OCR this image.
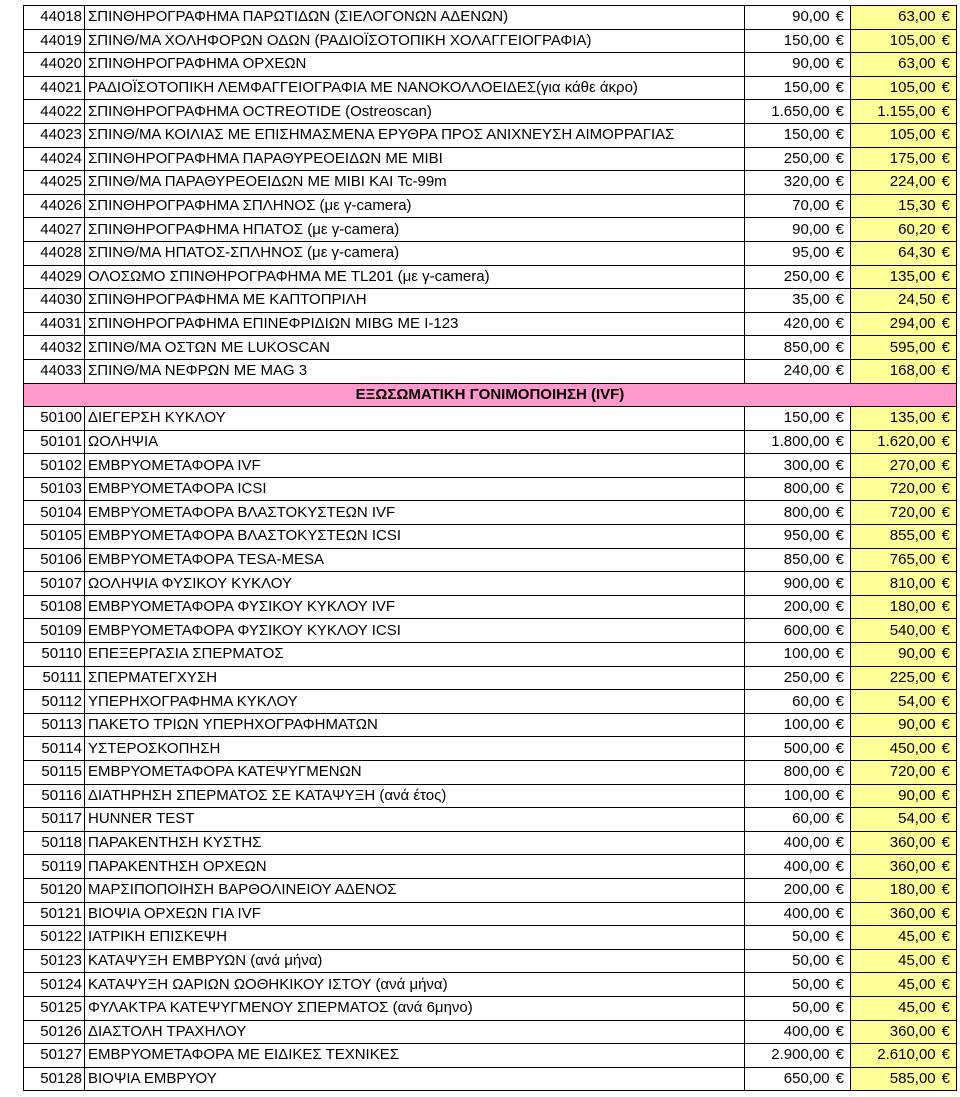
44018	ΣΠΙΝΘΗΡΟΓΡΑΦΗΜΑ ΠΑΡΩΤΙΔΩΝ (ΣΙΕΛΟΓΟΝΩΝ ΑΔΕΝΩΝ)	90,00 €	63,00 €
44019	ΣΠΙΝΘ/ΜΑ ΧΟΛΗΦΟΡΩΝ ΟΔΩΝ (ΡΑΔΙΟΪΣΟΤΟΠΙΚΗ ΧΟΛΑΓΓΕΙΟΓΡΑΦΙΑ)	150,00 €	105,00 €
44020	ΣΠΙΝΘΗΡΟΓΡΑΦΗΜΑ ΟΡΧΕΩΝ	90,00 €	63,00 €
44021	ΡΑΔΙΟΪΣΟΤΟΠΙΚΗ ΛΕΜΦΑΓΓΕΙΟΓΡΑΦΙΑ ΜΕ ΝΑΝΟΚΟΛΛΟΕΙΔΕΣ(για κάθε άκρο)	150,00 €	105,00 €
44022	ΣΠΙΝΘΗΡΟΓΡΑΦΗΜΑ OCTREOTIDE (Ostreoscan)	1.650,00 €	1.155,00 €
44023	ΣΠΙΝΘ/ΜΑ ΚΟΙΛΙΑΣ ΜΕ ΕΠΙΣΗΜΑΣΜΕΝΑ ΕΡΥΘΡΑ ΠΡΟΣ ΑΝΙΧΝΕΥΣΗ ΑΙΜΟΡΡΑΓΙΑΣ	150,00 €	105,00 €
44024	ΣΠΙΝΘΗΡΟΓΡΑΦΗΜΑ ΠΑΡΑΘΥΡΕΟΕΙΔΩΝ ΜΕ ΜΙΒΙ	250,00 €	175,00 €
44025	ΣΠΙΝΘ/ΜΑ ΠΑΡΑΘΥΡΕΟΕΙΔΩΝ ΜΕ ΜΙΒΙ ΚΑΙ Tc-99m	320,00 €	224,00 €
44026	ΣΠΙΝΘΗΡΟΓΡΑΦΗΜΑ ΣΠΛΗΝΟΣ (με γ-camera)	70,00 €	15,30 €
44027	ΣΠΙΝΘΗΡΟΓΡΑΦΗΜΑ ΗΠΑΤΟΣ (με γ-camera)	90,00 €	60,20 €
44028	ΣΠΙΝΘ/ΜΑ ΗΠΑΤΟΣ-ΣΠΛΗΝΟΣ (με γ-camera)	95,00 €	64,30 €
44029	ΟΛΟΣΩΜΟ ΣΠΙΝΘΗΡΟΓΡΑΦΗΜΑ ΜΕ TL201 (με γ-camera)	250,00 €	135,00 €
44030	ΣΠΙΝΘΗΡΟΓΡΑΦΗΜΑ ΜΕ ΚΑΠΤΟΠΡΙΛΗ	35,00 €	24,50 €
44031	ΣΠΙΝΘΗΡΟΓΡΑΦΗΜΑ ΕΠΙΝΕΦΡΙΔΙΩΝ MIBG ΜΕ I-123	420,00 €	294,00 €
44032	ΣΠΙΝΘ/ΜΑ ΟΣΤΩΝ ΜΕ LUKOSCAN	850,00 €	595,00 €
44033	ΣΠΙΝΘ/ΜΑ ΝΕΦΡΩΝ ΜΕ MAG 3	240,00 €	168,00 €
ΕΞΩΣΩΜΑΤΙΚΗ ΓΟΝΙΜΟΠΟΙΗΣΗ (IVF)			
50100	ΔΙΕΓΕΡΣΗ ΚΥΚΛΟΥ	150,00 €	135,00 €
50101	ΩΟΛΗΨΙΑ	1.800,00 €	1.620,00 €
50102	ΕΜΒΡΥΟΜΕΤΑΦΟΡΑ IVF	300,00 €	270,00 €
50103	ΕΜΒΡΥΟΜΕΤΑΦΟΡΑ ICSI	800,00 €	720,00 €
50104	ΕΜΒΡΥΟΜΕΤΑΦΟΡΑ ΒΛΑΣΤΟΚΥΣΤΕΩΝ IVF	800,00 €	720,00 €
50105	ΕΜΒΡΥΟΜΕΤΑΦΟΡΑ ΒΛΑΣΤΟΚΥΣΤΕΩΝ ICSI	950,00 €	855,00 €
50106	ΕΜΒΡΥΟΜΕΤΑΦΟΡΑ TESA-MESA	850,00 €	765,00 €
50107	ΩΟΛΗΨΙΑ ΦΥΣΙΚΟΥ ΚΥΚΛΟΥ	900,00 €	810,00 €
50108	ΕΜΒΡΥΟΜΕΤΑΦΟΡΑ ΦΥΣΙΚΟΥ ΚΥΚΛΟΥ IVF	200,00 €	180,00 €
50109	ΕΜΒΡΥΟΜΕΤΑΦΟΡΑ ΦΥΣΙΚΟΥ ΚΥΚΛΟΥ ICSI	600,00 €	540,00 €
50110	ΕΠΕΞΕΡΓΑΣΙΑ ΣΠΕΡΜΑΤΟΣ	100,00 €	90,00 €
50111	ΣΠΕΡΜΑΤΕΓΧΥΣΗ	250,00 €	225,00 €
50112	ΥΠΕΡΗΧΟΓΡΑΦΗΜΑ ΚΥΚΛΟΥ	60,00 €	54,00 €
50113	ΠΑΚΕΤΟ ΤΡΙΩΝ ΥΠΕΡΗΧΟΓΡΑΦΗΜΑΤΩΝ	100,00 €	90,00 €
50114	ΥΣΤΕΡΟΣΚΟΠΗΣΗ	500,00 €	450,00 €
50115	ΕΜΒΡΥΟΜΕΤΑΦΟΡΑ ΚΑΤΕΨΥΓΜΕΝΩΝ	800,00 €	720,00 €
50116	ΔΙΑΤΗΡΗΣΗ ΣΠΕΡΜΑΤΟΣ ΣΕ ΚΑΤΑΨΥΞΗ (ανά έτος)	100,00 €	90,00 €
50117	HUNNER TEST	60,00 €	54,00 €
50118	ΠΑΡΑΚΕΝΤΗΣΗ ΚΥΣΤΗΣ	400,00 €	360,00 €
50119	ΠΑΡΑΚΕΝΤΗΣΗ ΟΡΧΕΩΝ	400,00 €	360,00 €
50120	ΜΑΡΣΙΠΟΠΟΙΗΣΗ ΒΑΡΘΟΛΙΝΕΙΟΥ ΑΔΕΝΟΣ	200,00 €	180,00 €
50121	ΒΙΟΨΙΑ ΟΡΧΕΩΝ ΓΙΑ IVF	400,00 €	360,00 €
50122	ΙΑΤΡΙΚΗ ΕΠΙΣΚΕΨΗ	50,00 €	45,00 €
50123	ΚΑΤΑΨΥΞΗ ΕΜΒΡΥΩΝ (ανά μήνα)	50,00 €	45,00 €
50124	ΚΑΤΑΨΥΞΗ ΩΑΡΙΩΝ ΩΟΘΗΚΙΚΟΥ ΙΣΤΟΥ (ανά μήνα)	50,00 €	45,00 €
50125	ΦΥΛΑΚΤΡΑ ΚΑΤΕΨΥΓΜΕΝΟΥ ΣΠΕΡΜΑΤΟΣ (ανά 6μηνο)	50,00 €	45,00 €
50126	ΔΙΑΣΤΟΛΗ ΤΡΑΧΗΛΟΥ	400,00 €	360,00 €
50127	ΕΜΒΡΥΟΜΕΤΑΦΟΡΑ ΜΕ ΕΙΔΙΚΕΣ ΤΕΧΝΙΚΕΣ	2.900,00 €	2.610,00 €
50128	ΒΙΟΨΙΑ ΕΜΒΡΥΟΥ	650,00 €	585,00 €
